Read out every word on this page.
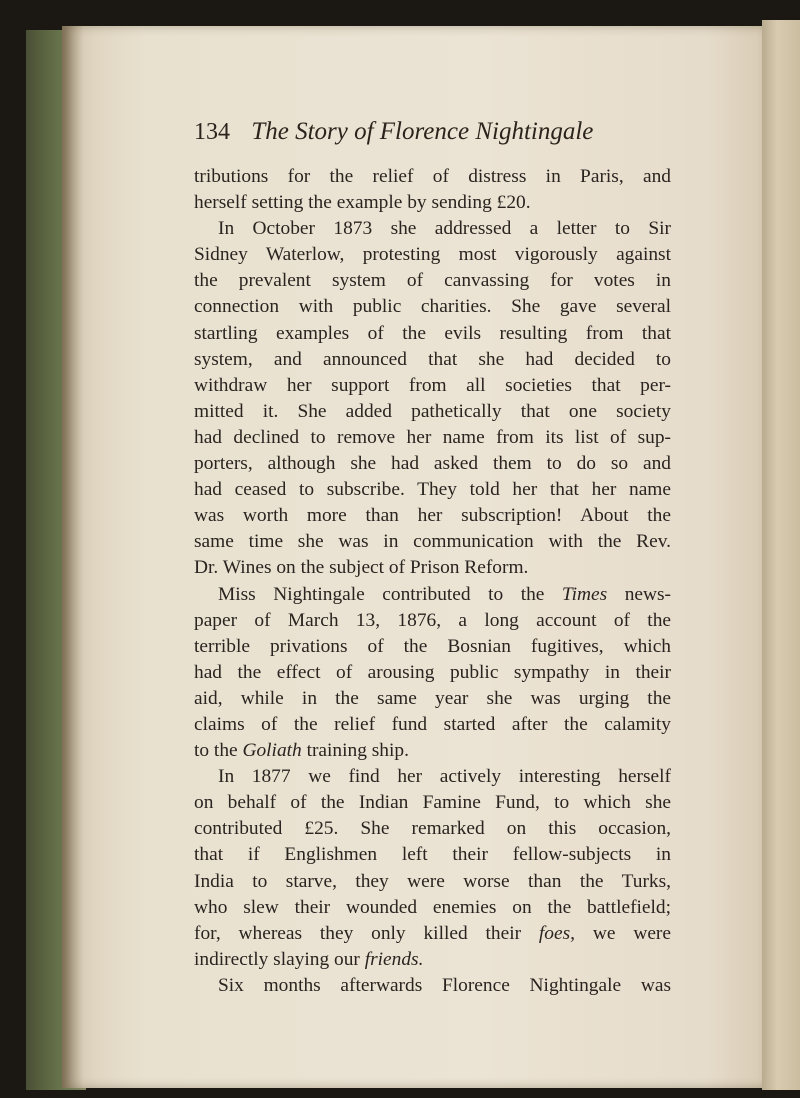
134 The Story of Florence Nightingale

tributions for the relief of distress in Paris, and

herself setting the example by sending £20.

In October 1873 she addressed a letter to Sir

Sidney Waterlow, protesting most vigorously against

the prevalent system of canvassing for votes in

connection with public charities. She gave several

startling examples of the evils resulting from that

system, and announced that she had decided to

withdraw her support from all societies that per-

mitted it. She added pathetically that one society

had declined to remove her name from its list of sup-

porters, although she had asked them to do so and

had ceased to subscribe. They told her that her name

was worth more than her subscription! About the

same time she was in communication with the Rev.

Dr. Wines on the subject of Prison Reform.

Miss Nightingale contributed to the Times news-

paper of March 13, 1876, a long account of the

terrible privations of the Bosnian fugitives, which

had the effect of arousing public sympathy in their

aid, while in the same year she was urging the

claims of the relief fund started after the calamity

to the Goliath training ship.

In 1877 we find her actively interesting herself

on behalf of the Indian Famine Fund, to which she

contributed £25. She remarked on this occasion,

that if Englishmen left their fellow-subjects in

India to starve, they were worse than the Turks,

who slew their wounded enemies on the battlefield;

for, whereas they only killed their foes, we were

indirectly slaying our friends.

Six months afterwards Florence Nightingale was
